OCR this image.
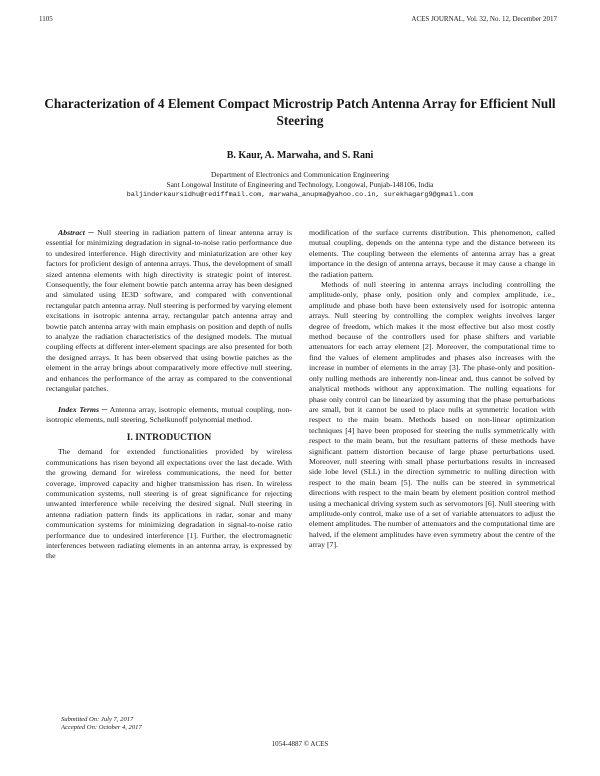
1105	ACES JOURNAL, Vol. 32, No. 12, December 2017
Characterization of 4 Element Compact Microstrip Patch Antenna Array for Efficient Null Steering
B. Kaur, A. Marwaha, and S. Rani
Department of Electronics and Communication Engineering
Sant Longowal Institute of Engineering and Technology, Longowal, Punjab-148106, India
baljinderkaursidhu@rediffmail.com, marwaha_anupma@yahoo.co.in, surekhagarg9@gmail.com

Abstract ─ Null steering in radiation pattern of linear antenna array is essential for minimizing degradation in signal-to-noise ratio performance due to undesired interference. High directivity and miniaturization are other key factors for proficient design of antenna arrays. Thus, the development of small sized antenna elements with high directivity is strategic point of interest. Consequently, the four element bowtie patch antenna array has been designed and simulated using IE3D software, and compared with conventional rectangular patch antenna array. Null steering is performed by varying element excitations in isotropic antenna array, rectangular patch antenna array and bowtie patch antenna array with main emphasis on position and depth of nulls to analyze the radiation characteristics of the designed models. The mutual coupling effects at different inter-element spacings are also presented for both the designed arrays. It has been observed that using bowtie patches as the element in the array brings about comparatively more effective null steering, and enhances the performance of the array as compared to the conventional rectangular patches.

Index Terms ─ Antenna array, isotropic elements, mutual coupling, non-isotropic elements, null steering, Schelkunoff polynomial method.

I. INTRODUCTION

The demand for extended functionalities provided by wireless communications has risen beyond all expectations over the last decade. With the growing demand for wireless communications, the need for better coverage, improved capacity and higher transmission has risen. In wireless communication systems, null steering is of great significance for rejecting unwanted interference while receiving the desired signal. Null steering in antenna radiation pattern finds its applications in radar, sonar and many communication systems for minimizing degradation in signal-to-noise ratio performance due to undesired interference [1]. Further, the electromagnetic interferences between radiating elements in an antenna array, is expressed by the

modification of the surface currents distribution. This phenomenon, called mutual coupling, depends on the antenna type and the distance between its elements. The coupling between the elements of antenna array has a great importance in the design of antenna arrays, because it may cause a change in the radiation pattern.

Methods of null steering in antenna arrays including controlling the amplitude-only, phase only, position only and complex amplitude, i.e., amplitude and phase both have been extensively used for isotropic antenna arrays. Null steering by controlling the complex weights involves larger degree of freedom, which makes it the most effective but also most costly method because of the controllers used for phase shifters and variable attenuators for each array element [2]. Moreover, the computational time to find the values of element amplitudes and phases also increases with the increase in number of elements in the array [3]. The phase-only and position-only nulling methods are inherently non-linear and, thus cannot be solved by analytical methods without any approximation. The nulling equations for phase only control can be linearized by assuming that the phase perturbations are small, but it cannot be used to place nulls at symmetric location with respect to the main beam. Methods based on non-linear optimization techniques [4] have been proposed for steering the nulls symmetrically with respect to the main beam, but the resultant patterns of these methods have significant pattern distortion because of large phase perturbations used. Moreover, null steering with small phase perturbations results in increased side lobe level (SLL) in the direction symmetric to nulling direction with respect to the main beam [5]. The nulls can be steered in symmetrical directions with respect to the main beam by element position control method using a mechanical driving system such as servomotors [6]. Null steering with amplitude-only control, make use of a set of variable attenuators to adjust the element amplitudes. The number of attenuators and the computational time are halved, if the element amplitudes have even symmetry about the centre of the array [7].

Submitted On: July 7, 2017
Accepted On: October 4, 2017
1054-4887 © ACES
